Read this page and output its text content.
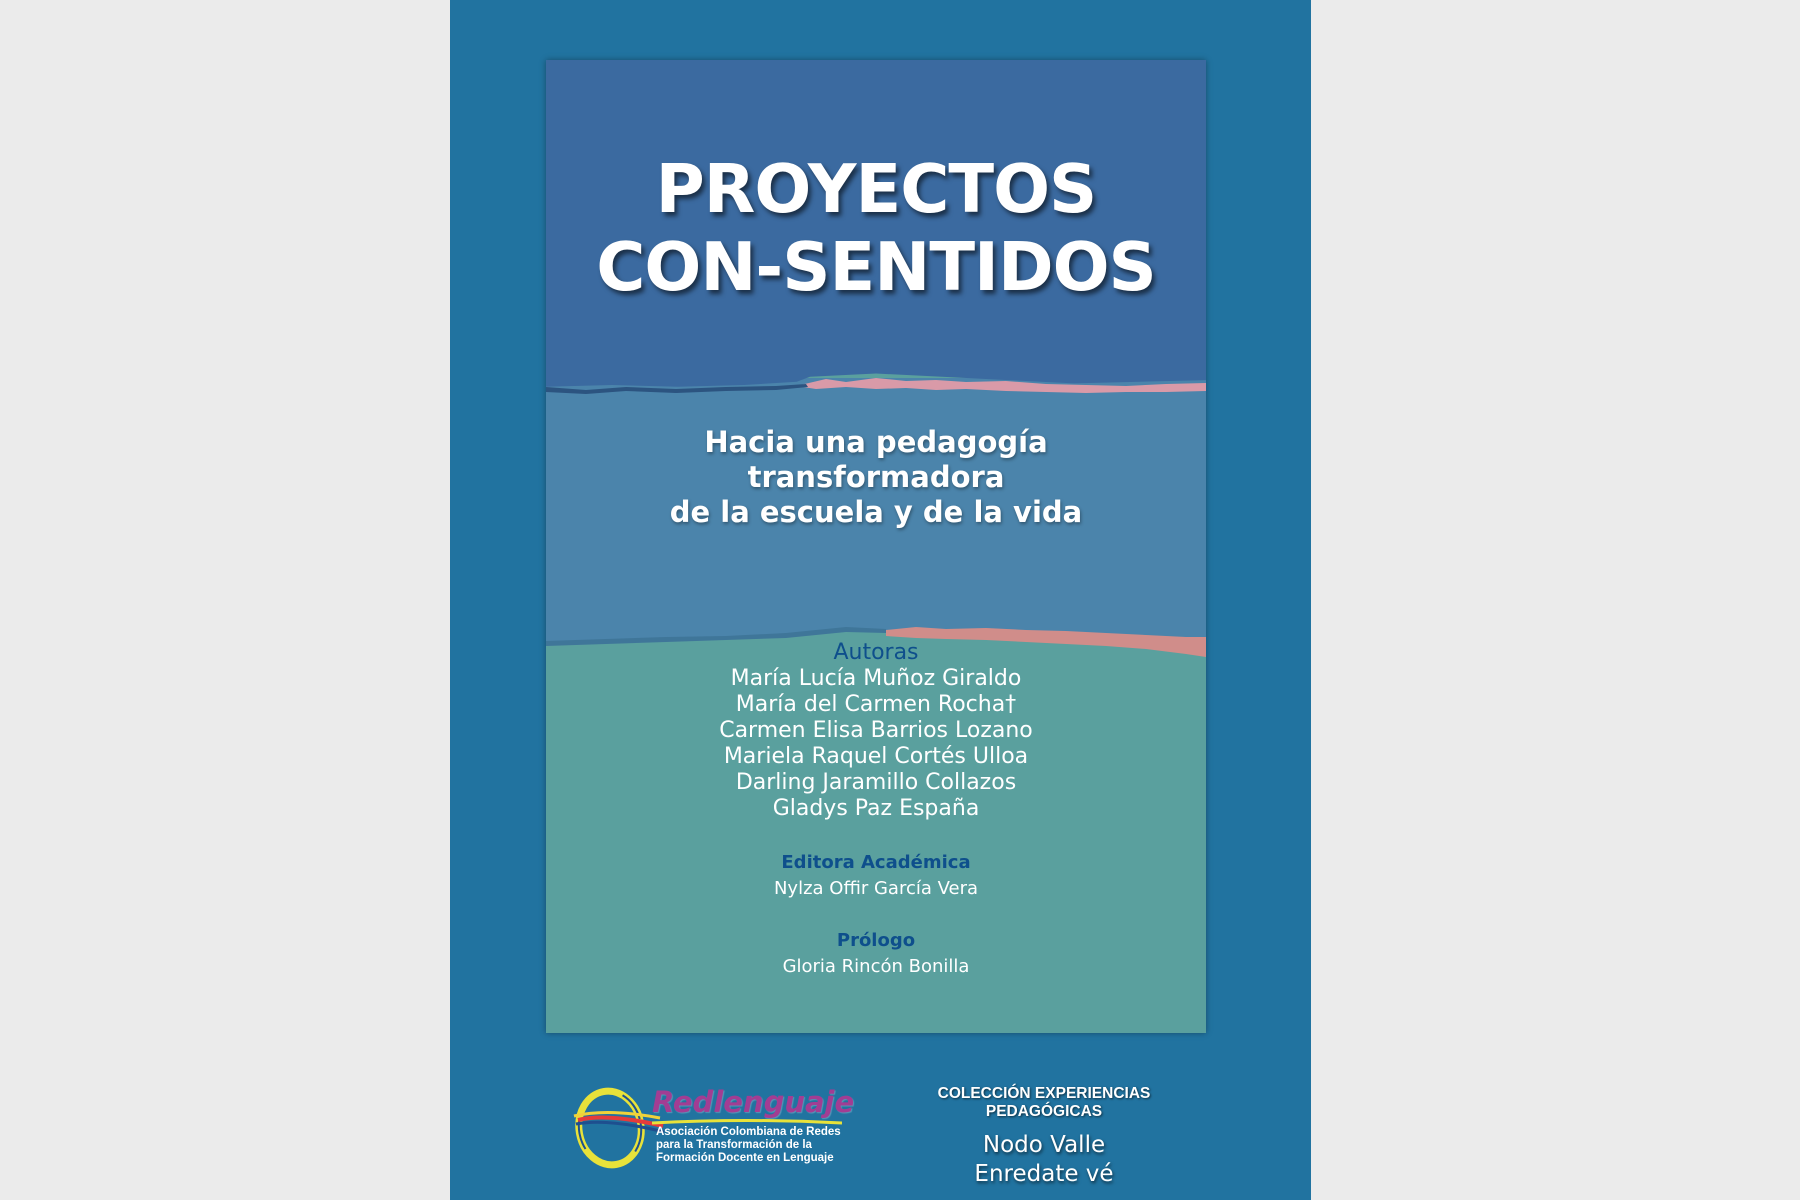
PROYECTOS
CON-SENTIDOS
Hacia una pedagogía
transformadora
de la escuela y de la vida
Autoras
María Lucía Muñoz Giraldo
María del Carmen Rocha†
Carmen Elisa Barrios Lozano
Mariela Raquel Cortés Ulloa
Darling Jaramillo Collazos
Gladys Paz España
Editora Académica
Nylza Offir García Vera
Prólogo
Gloria Rincón Bonilla
Redlenguaje
Asociación Colombiana de Redes
para la Transformación de la
Formación Docente en Lenguaje
COLECCIÓN EXPERIENCIAS PEDAGÓGICAS
Nodo Valle
Enredate vé
